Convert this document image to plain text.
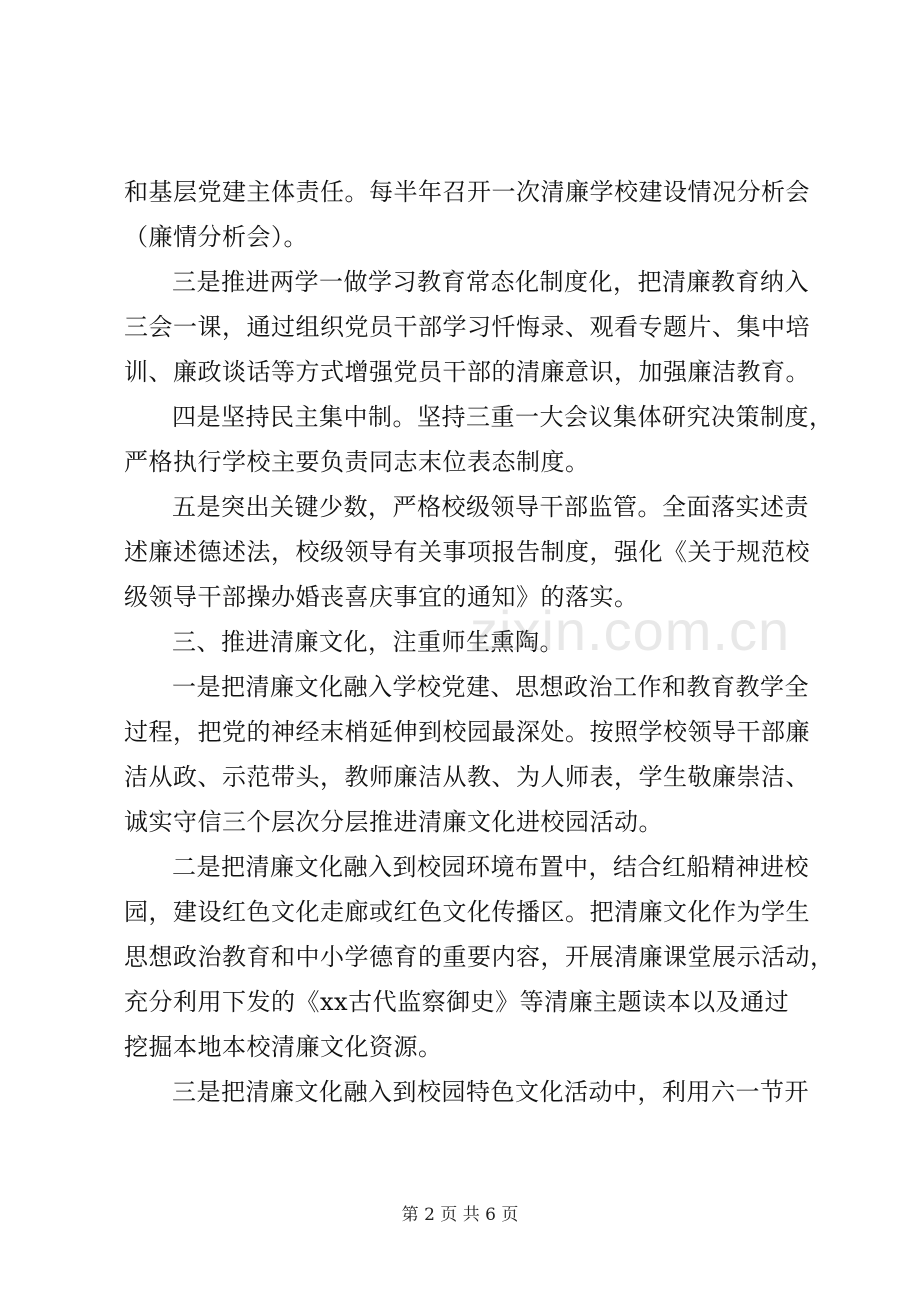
和基层党建主体责任。每半年召开一次清廉学校建设情况分析会
（廉情分析会）。
三是推进两学一做学习教育常态化制度化，把清廉教育纳入
三会一课，通过组织党员干部学习忏悔录、观看专题片、集中培
训、廉政谈话等方式增强党员干部的清廉意识，加强廉洁教育。
四是坚持民主集中制。坚持三重一大会议集体研究决策制度，
严格执行学校主要负责同志末位表态制度。
五是突出关键少数，严格校级领导干部监管。全面落实述责
述廉述德述法，校级领导有关事项报告制度，强化《关于规范校
级领导干部操办婚丧喜庆事宜的通知》的落实。
三、推进清廉文化，注重师生熏陶。
一是把清廉文化融入学校党建、思想政治工作和教育教学全
过程，把党的神经末梢延伸到校园最深处。按照学校领导干部廉
洁从政、示范带头，教师廉洁从教、为人师表，学生敬廉崇洁、
诚实守信三个层次分层推进清廉文化进校园活动。
二是把清廉文化融入到校园环境布置中，结合红船精神进校
园，建设红色文化走廊或红色文化传播区。把清廉文化作为学生
思想政治教育和中小学德育的重要内容，开展清廉课堂展示活动，
充分利用下发的《xx古代监察御史》等清廉主题读本以及通过
挖掘本地本校清廉文化资源。
三是把清廉文化融入到校园特色文化活动中，利用六一节开
zixin.com.cn
第 2 页 共 6 页
